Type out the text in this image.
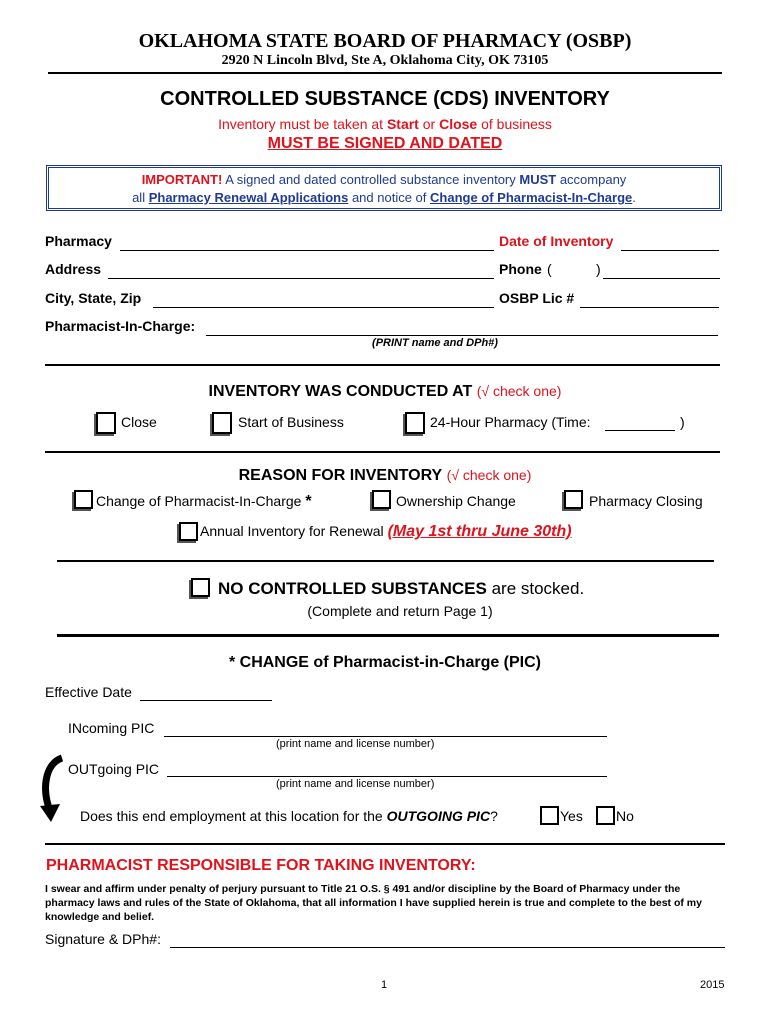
OKLAHOMA STATE BOARD OF PHARMACY (OSBP)
2920 N Lincoln Blvd, Ste A, Oklahoma City, OK 73105
CONTROLLED SUBSTANCE (CDS) INVENTORY
Inventory must be taken at Start or Close of business
MUST BE SIGNED AND DATED
IMPORTANT! A signed and dated controlled substance inventory MUST accompany
all Pharmacy Renewal Applications and notice of Change of Pharmacist-In-Charge.
Pharmacy	Date of Inventory
Address	Phone (	)
City, State, Zip	OSBP Lic #
Pharmacist-In-Charge:
(PRINT name and DPh#)
INVENTORY WAS CONDUCTED AT (√ check one)
Close	Start of Business	24-Hour Pharmacy (Time:	)
REASON FOR INVENTORY (√ check one)
Change of Pharmacist-In-Charge *	Ownership Change	Pharmacy Closing
Annual Inventory for Renewal (May 1st thru June 30th)
NO CONTROLLED SUBSTANCES are stocked.
(Complete and return Page 1)
* CHANGE of Pharmacist-in-Charge (PIC)
Effective Date
INcoming PIC
(print name and license number)
OUTgoing PIC
(print name and license number)
Does this end employment at this location for the OUTGOING PIC?	Yes No
PHARMACIST RESPONSIBLE FOR TAKING INVENTORY:
I swear and affirm under penalty of perjury pursuant to Title 21 O.S. § 491 and/or discipline by the Board of Pharmacy under the pharmacy laws and rules of the State of Oklahoma, that all information I have supplied herein is true and complete to the best of my knowledge and belief.
Signature & DPh#:
1	2015
